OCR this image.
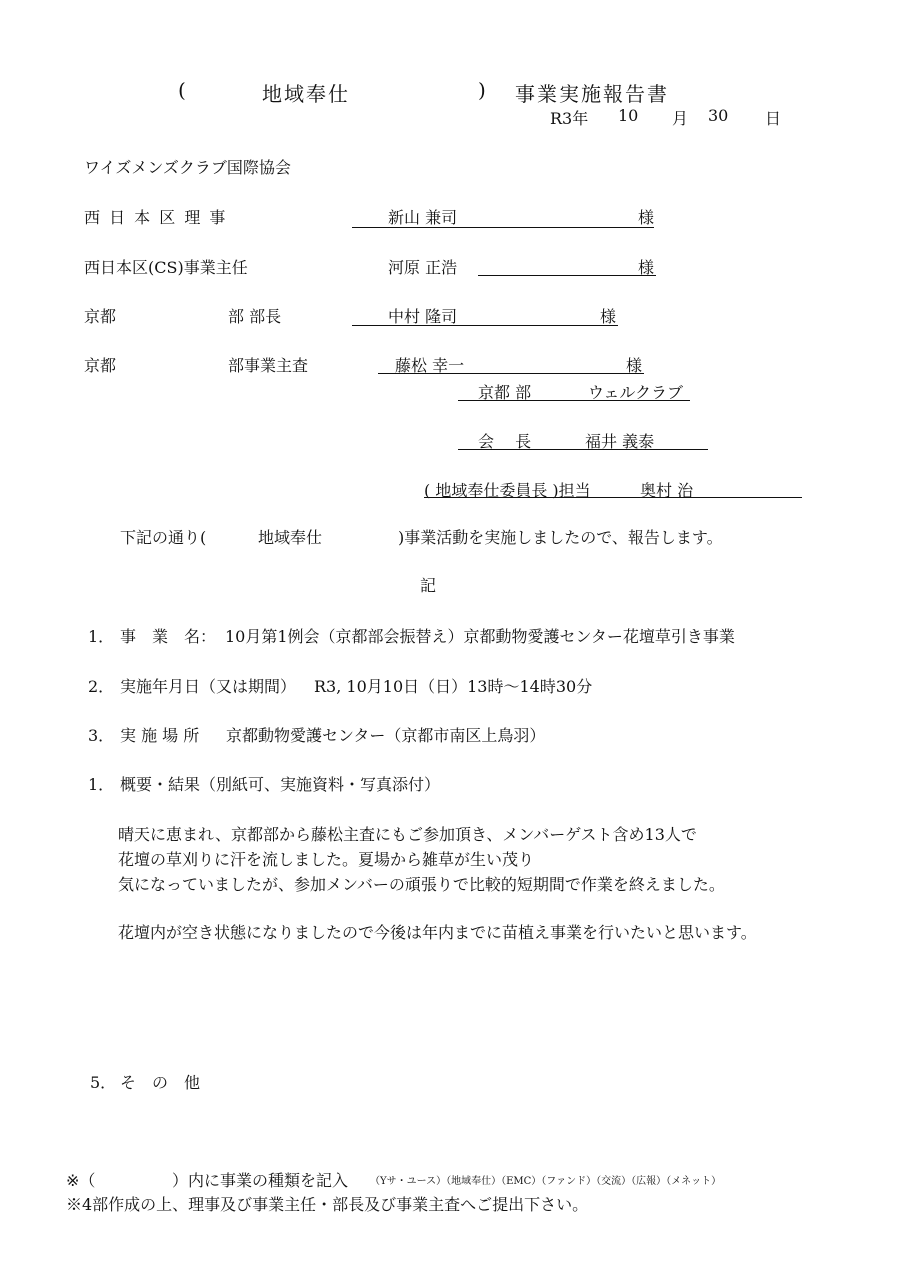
(	地域奉仕	) 事業実施報告書
R3年 10 月 30 日
ワイズメンズクラブ国際協会
西 日 本 区 理 事	新山 兼司	様
西日本区(CS)事業主任	河原 正浩	様
京都	部 部長	中村 隆司	様
京都	部事業主査	藤松 幸一	様
京都 部	ウェルクラブ
会　 長	福井 義泰
( 地域奉仕委員長 )担当	奥村 治
下記の通り(	地域奉仕	)事業活動を実施しましたので、報告します。
記
1． 事　業　名： 10月第1例会（京都部会振替え）京都動物愛護センター花壇草引き事業
2． 実施年月日（又は期間） R3, 10月10日（日）13時〜14時30分
3． 実 施 場 所 京都動物愛護センター（京都市南区上鳥羽）
1． 概要・結果（別紙可、実施資料・写真添付）
晴天に恵まれ、京都部から藤松主査にもご参加頂き、メンバーゲスト含め13人で
花壇の草刈りに汗を流しました。夏場から雑草が生い茂り
気になっていましたが、参加メンバーの頑張りで比較的短期間で作業を終えました。
花壇内が空き状態になりましたので今後は年内までに苗植え事業を行いたいと思います。
5． そ　の　他
※（	）内に事業の種類を記入 （Yサ・ユース）（地域奉仕）（EMC）（ファンド）（交流）（広報）（メネット）
※4部作成の上、理事及び事業主任・部長及び事業主査へご提出下さい。
